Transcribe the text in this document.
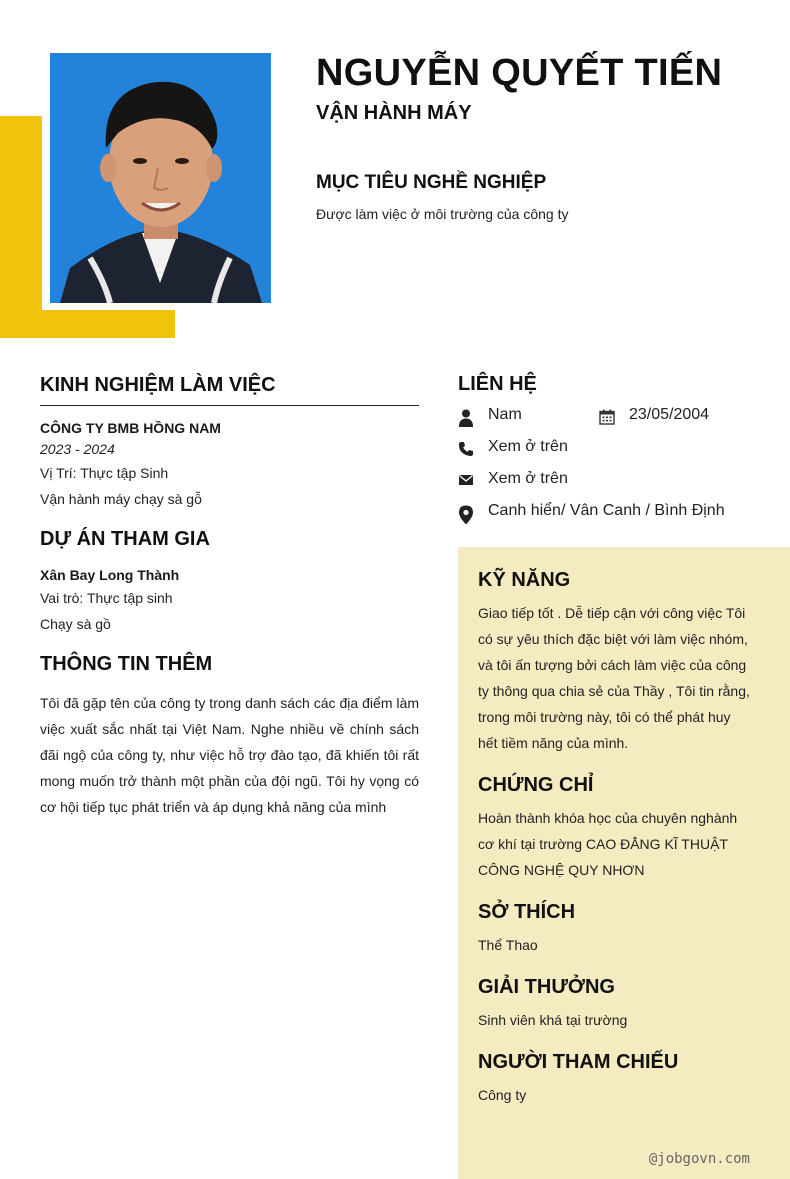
NGUYỄN QUYẾT TIẾN
VẬN HÀNH MÁY
MỤC TIÊU NGHỀ NGHIỆP
Được làm việc ở môi trường của công ty
KINH NGHIỆM LÀM VIỆC
CÔNG TY BMB HỒNG NAM
2023 - 2024
Vị Trí: Thực tập Sinh
Vận hành máy chạy sà gỗ
DỰ ÁN THAM GIA
Xân Bay Long Thành
Vai trò: Thực tập sinh
Chạy sà gồ
THÔNG TIN THÊM
Tôi đã gặp tên của công ty trong danh sách các địa điểm làm việc xuất sắc nhất tại Việt Nam. Nghe nhiều về chính sách đãi ngộ của công ty, như việc hỗ trợ đào tạo, đã khiến tôi rất mong muốn trở thành một phần của đội ngũ. Tôi hy vọng có cơ hội tiếp tục phát triển và áp dụng khả năng của mình
LIÊN HỆ
Nam	23/05/2004
Xem ở trên
Xem ở trên
Canh hiển/ Vân Canh / Bình Định
KỸ NĂNG
Giao tiếp tốt . Dễ tiếp cận với công việc Tôi có sự yêu thích đặc biệt với làm việc nhóm, và tôi ấn tượng bởi cách làm việc của công ty thông qua chia sẻ của Thầy , Tôi tin rằng, trong môi trường này, tôi có thể phát huy hết tiềm năng của mình.
CHỨNG CHỈ
Hoàn thành khóa học của chuyên nghành cơ khí tại trường CAO ĐẲNG KĨ THUẬT CÔNG NGHỆ QUY NHƠN
SỞ THÍCH
Thể Thao
GIẢI THƯỞNG
Sinh viên khá tại trường
NGƯỜI THAM CHIẾU
Công ty
@jobgovn.com
